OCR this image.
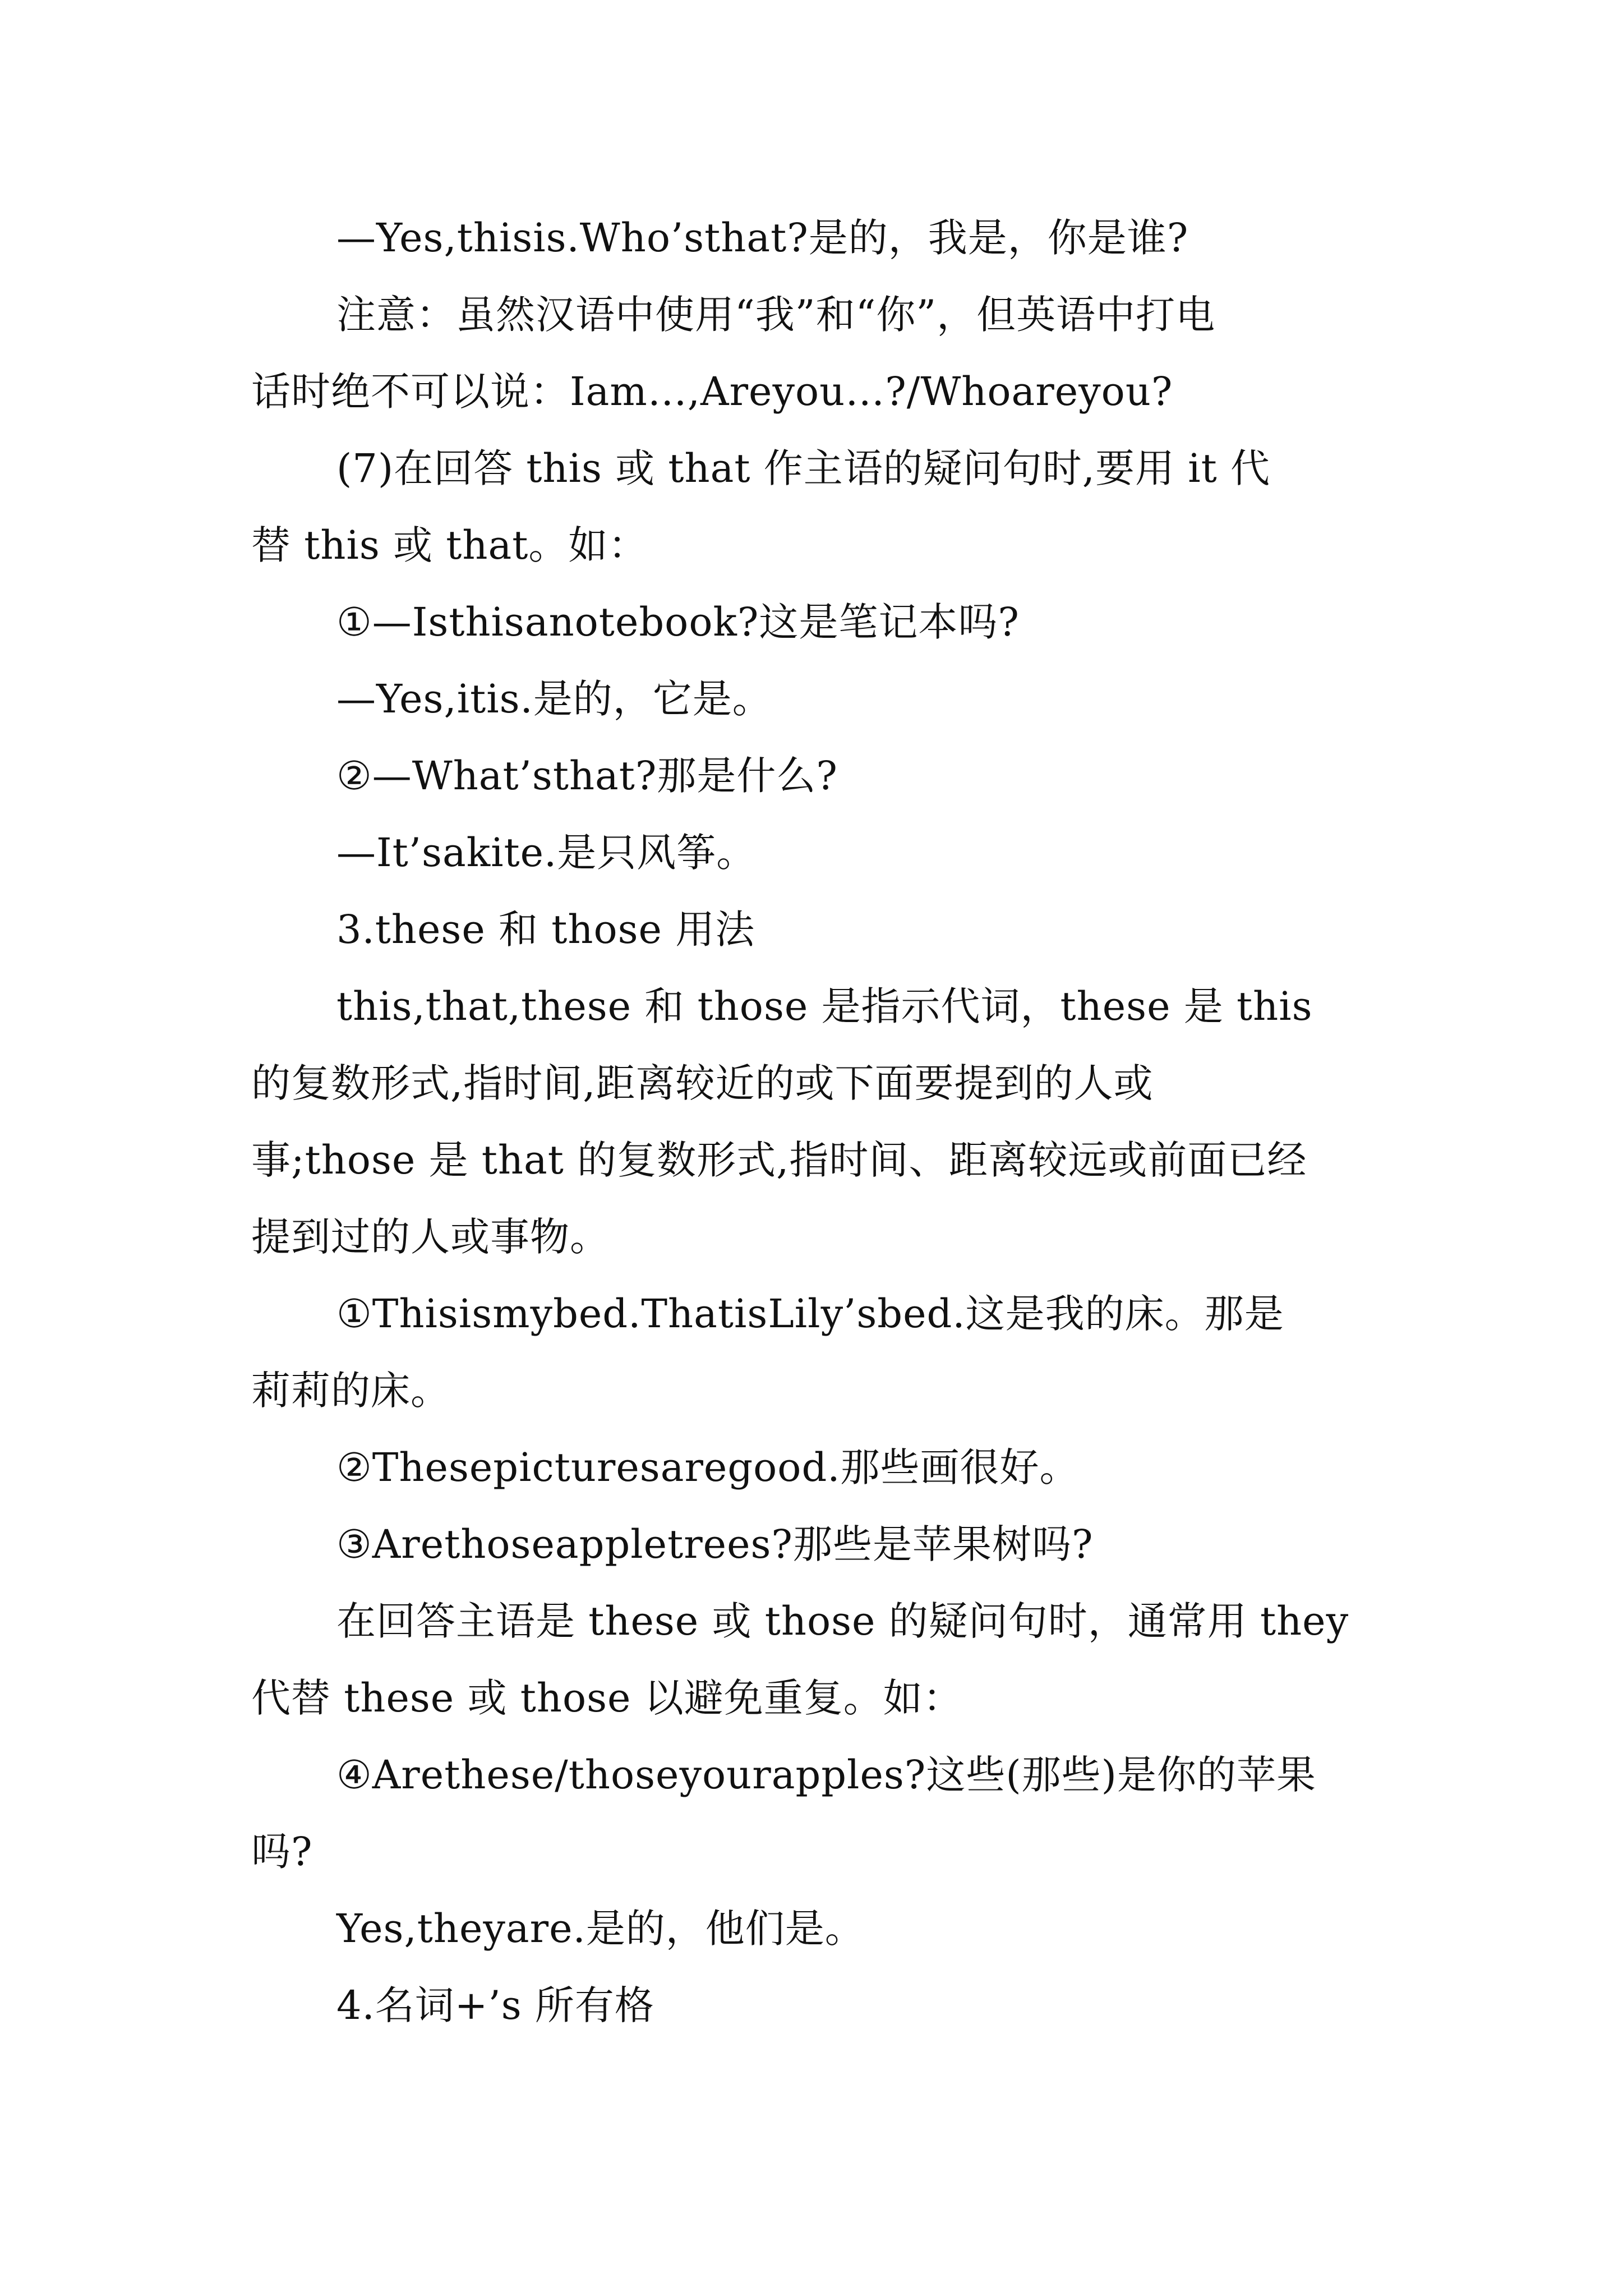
—Yes,thisis.Who’sthat?是的，我是，你是谁?
注意：虽然汉语中使用“我”和“你”，但英语中打电
话时绝不可以说：Iam…,Areyou…?/Whoareyou?
(7)在回答 this 或 that 作主语的疑问句时,要用 it 代
替 this 或 that。如：
①—Isthisanotebook?这是笔记本吗?
—Yes,itis.是的，它是。
②—What’sthat?那是什么?
—It’sakite.是只风筝。
3.these 和 those 用法
this,that,these 和 those 是指示代词，these 是 this
的复数形式,指时间,距离较近的或下面要提到的人或
事;those 是 that 的复数形式,指时间、距离较远或前面已经
提到过的人或事物。
①Thisismybed.ThatisLily’sbed.这是我的床。那是
莉莉的床。
②Thesepicturesaregood.那些画很好。
③Arethoseappletrees?那些是苹果树吗?
在回答主语是 these 或 those 的疑问句时，通常用 they
代替 these 或 those 以避免重复。如：
④Arethese/thoseyourapples?这些(那些)是你的苹果
吗?
Yes,theyare.是的，他们是。
4.名词+’s 所有格
